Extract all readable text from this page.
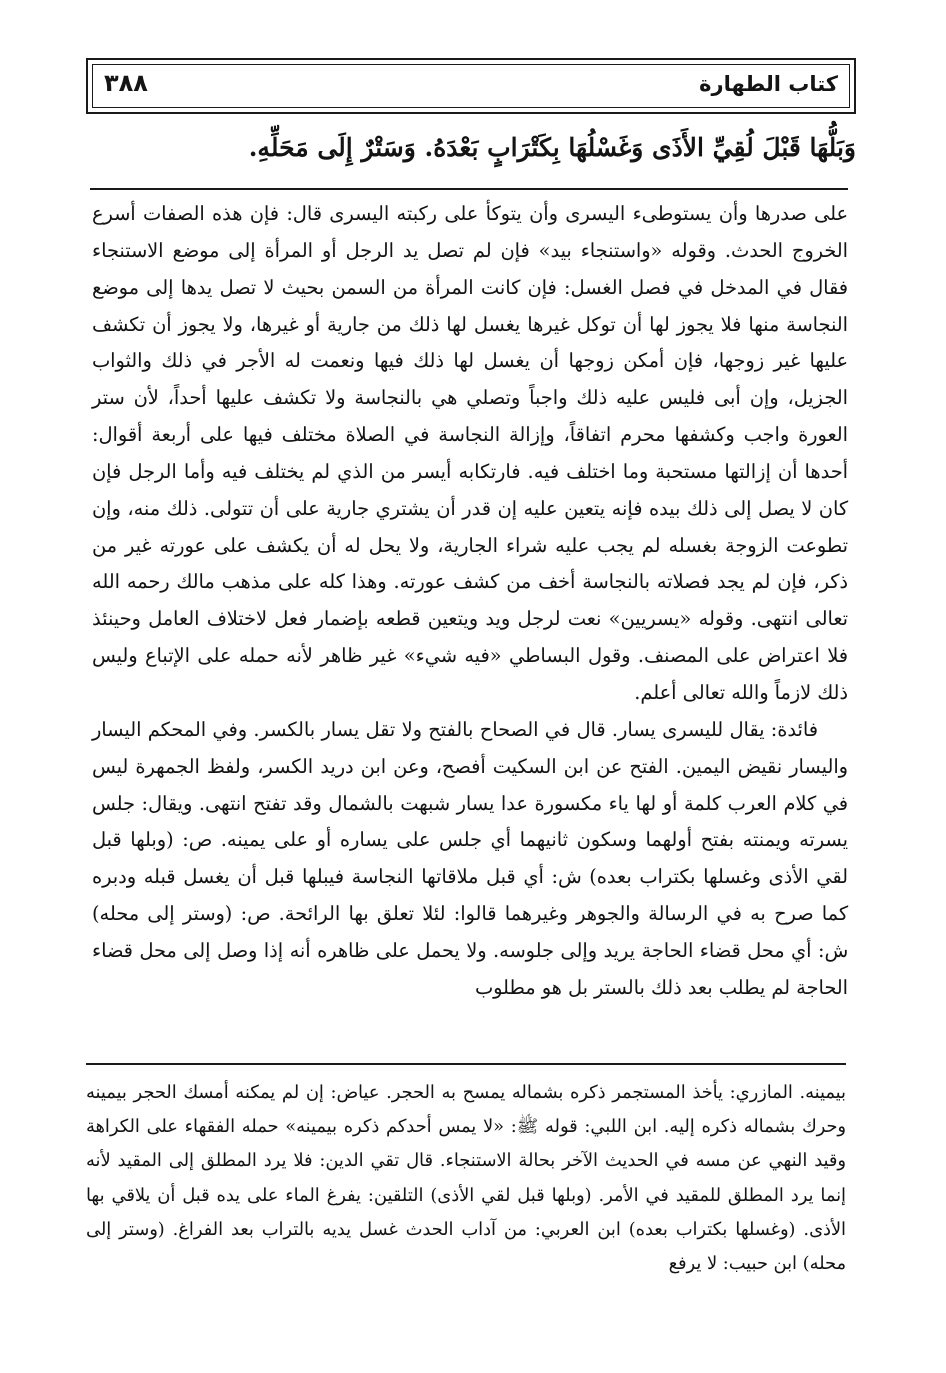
كتاب الطهارة
٣٨٨
وَبَلُّهَا قَبْلَ لُقِيِّ الأَذَى وَغَسْلُهَا بِكَتْرَابٍ بَعْدَهُ. وَسَتْرٌ إِلَى مَحَلِّهِ.

على صدرها وأن يستوطىء اليسرى وأن يتوكأ على ركبته اليسرى قال: فإن هذه الصفات أسرع الخروج الحدث. وقوله «واستنجاء بيد» فإن لم تصل يد الرجل أو المرأة إلى موضع الاستنجاء فقال في المدخل في فصل الغسل: فإن كانت المرأة من السمن بحيث لا تصل يدها إلى موضع النجاسة منها فلا يجوز لها أن توكل غيرها يغسل لها ذلك من جارية أو غيرها، ولا يجوز أن تكشف عليها غير زوجها، فإن أمكن زوجها أن يغسل لها ذلك فيها ونعمت له الأجر في ذلك والثواب الجزيل، وإن أبى فليس عليه ذلك واجباً وتصلي هي بالنجاسة ولا تكشف عليها أحداً، لأن ستر العورة واجب وكشفها محرم اتفاقاً، وإزالة النجاسة في الصلاة مختلف فيها على أربعة أقوال: أحدها أن إزالتها مستحبة وما اختلف فيه. فارتكابه أيسر من الذي لم يختلف فيه وأما الرجل فإن كان لا يصل إلى ذلك بيده فإنه يتعين عليه إن قدر أن يشتري جارية على أن تتولى. ذلك منه، وإن تطوعت الزوجة بغسله لم يجب عليه شراء الجارية، ولا يحل له أن يكشف على عورته غير من ذكر، فإن لم يجد فصلاته بالنجاسة أخف من كشف عورته. وهذا كله على مذهب مالك رحمه الله تعالى انتهى. وقوله «يسريين» نعت لرجل ويد ويتعين قطعه بإضمار فعل لاختلاف العامل وحينئذ فلا اعتراض على المصنف. وقول البساطي «فيه شيء» غير ظاهر لأنه حمله على الإتباع وليس ذلك لازماً والله تعالى أعلم.

فائدة: يقال لليسرى يسار. قال في الصحاح بالفتح ولا تقل يسار بالكسر. وفي المحكم اليسار واليسار نقيض اليمين. الفتح عن ابن السكيت أفصح، وعن ابن دريد الكسر، ولفظ الجمهرة ليس في كلام العرب كلمة أو لها ياء مكسورة عدا يسار شبهت بالشمال وقد تفتح انتهى. ويقال: جلس يسرته ويمنته بفتح أولهما وسكون ثانيهما أي جلس على يساره أو على يمينه. ص: (وبلها قبل لقي الأذى وغسلها بكتراب بعده) ش: أي قبل ملاقاتها النجاسة فيبلها قبل أن يغسل قبله ودبره كما صرح به في الرسالة والجوهر وغيرهما قالوا: لئلا تعلق بها الرائحة. ص: (وستر إلى محله) ش: أي محل قضاء الحاجة يريد وإلى جلوسه. ولا يحمل على ظاهره أنه إذا وصل إلى محل قضاء الحاجة لم يطلب بعد ذلك بالستر بل هو مطلوب

بيمينه. المازري: يأخذ المستجمر ذكره بشماله يمسح به الحجر. عياض: إن لم يمكنه أمسك الحجر بيمينه وحرك بشماله ذكره إليه. ابن اللبي: قوله ﷺ: «لا يمس أحدكم ذكره بيمينه» حمله الفقهاء على الكراهة وقيد النهي عن مسه في الحديث الآخر بحالة الاستنجاء. قال تقي الدين: فلا يرد المطلق إلى المقيد لأنه إنما يرد المطلق للمقيد في الأمر. (وبلها قبل لقي الأذى) التلقين: يفرغ الماء على يده قبل أن يلاقي بها الأذى. (وغسلها بكتراب بعده) ابن العربي: من آداب الحدث غسل يديه بالتراب بعد الفراغ. (وستر إلى محله) ابن حبيب: لا يرفع
